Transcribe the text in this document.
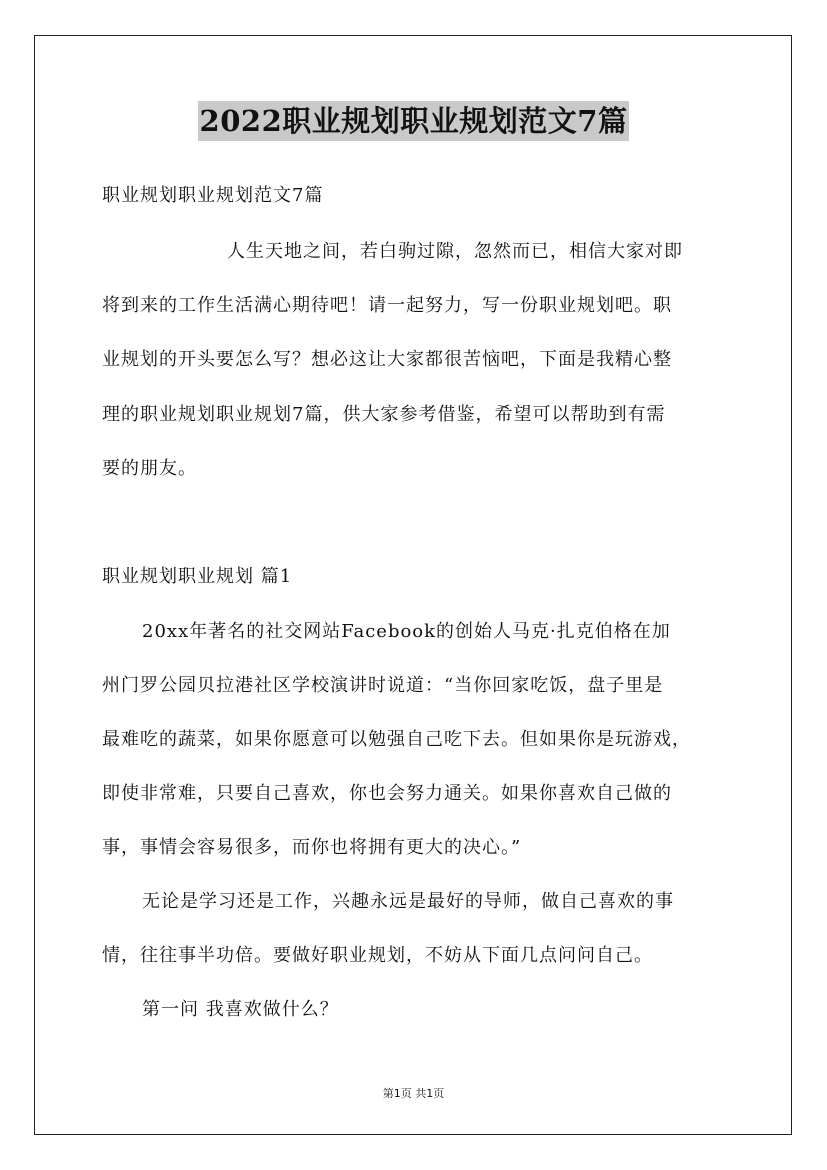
2022职业规划职业规划范文7篇
职业规划职业规划范文7篇
人生天地之间，若白驹过隙，忽然而已，相信大家对即
将到来的工作生活满心期待吧！请一起努力，写一份职业规划吧。职
业规划的开头要怎么写？想必这让大家都很苦恼吧，下面是我精心整
理的职业规划职业规划7篇，供大家参考借鉴，希望可以帮助到有需
要的朋友。
职业规划职业规划 篇1
20xx年著名的社交网站Facebook的创始人马克·扎克伯格在加
州门罗公园贝拉港社区学校演讲时说道：“当你回家吃饭，盘子里是
最难吃的蔬菜，如果你愿意可以勉强自己吃下去。但如果你是玩游戏，
即使非常难，只要自己喜欢，你也会努力通关。如果你喜欢自己做的
事，事情会容易很多，而你也将拥有更大的决心。”
无论是学习还是工作，兴趣永远是最好的导师，做自己喜欢的事
情，往往事半功倍。要做好职业规划，不妨从下面几点问问自己。
第一问 我喜欢做什么？
第1页 共1页
